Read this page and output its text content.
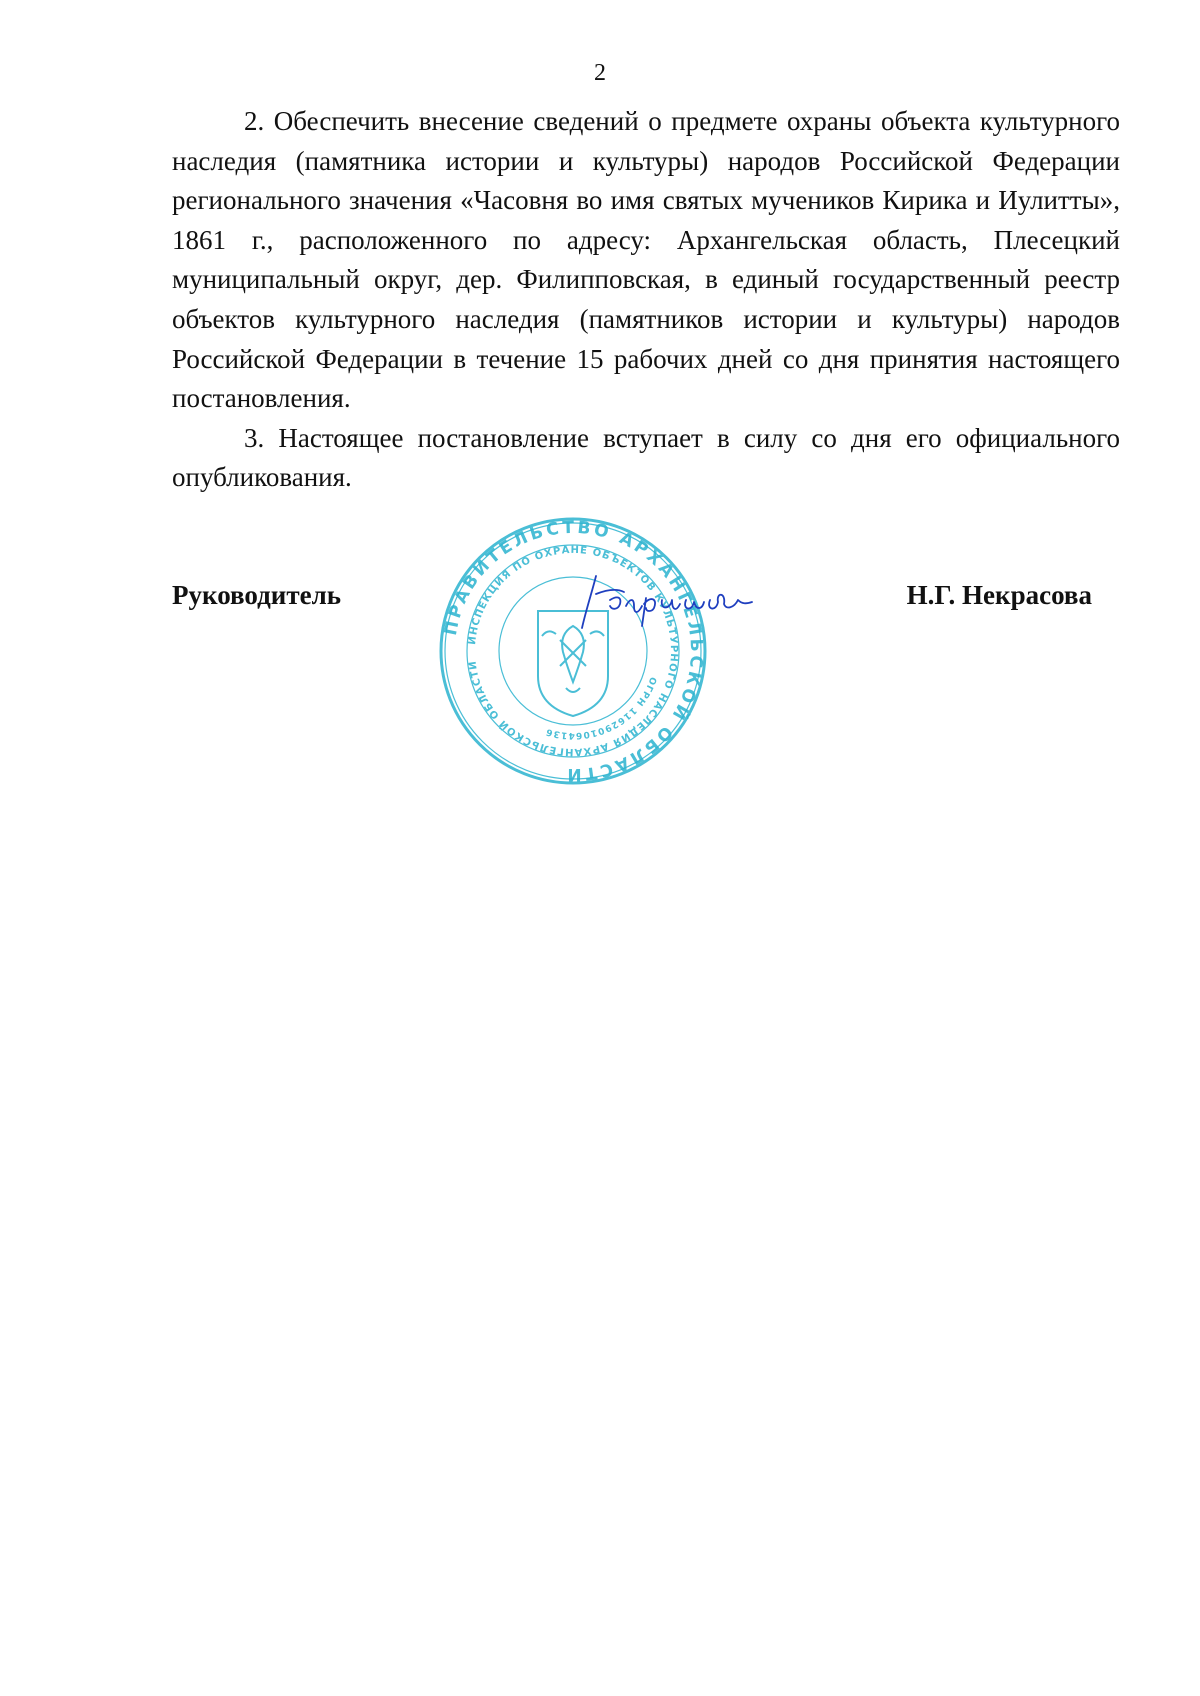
2

2. Обеспечить внесение сведений о предмете охраны объекта культурного наследия (памятника истории и культуры) народов Российской Федерации регионального значения «Часовня во имя святых мучеников Кирика и Иулитты», 1861 г., расположенного по адресу: Архангельская область, Плесецкий муниципальный округ, дер. Филипповская, в единый государственный реестр объектов культурного наследия (памятников истории и культуры) народов Российской Федерации в течение 15 рабочих дней со дня принятия настоящего постановления.

3. Настоящее постановление вступает в силу со дня его официального опубликования.

Руководитель	Н.Г. Некрасова
ПРАВИТЕЛЬСТВО АРХАНГЕЛЬСКОЙ ОБЛАСТИ
ИНСПЕКЦИЯ ПО ОХРАНЕ ОБЪЕКТОВ КУЛЬТУРНОГО НАСЛЕДИЯ АРХАНГЕЛЬСКОЙ ОБЛАСТИ
ОГРН 1162901064136
